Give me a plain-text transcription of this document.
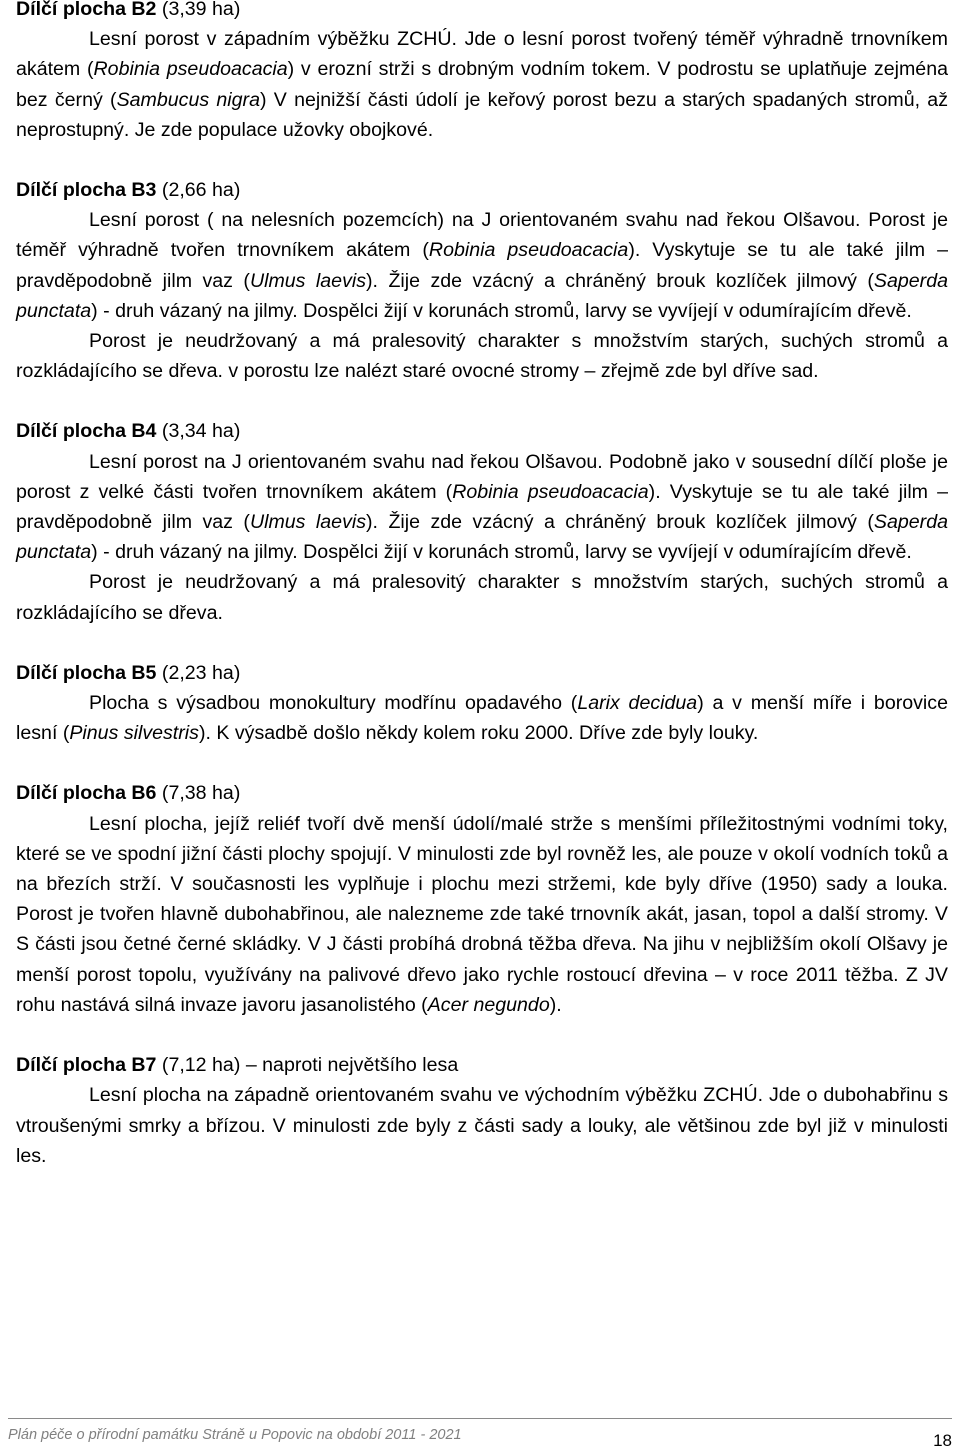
Dílčí plocha B2 (3,39 ha)

Lesní porost v západním výběžku ZCHÚ. Jde o lesní porost tvořený téměř výhradně trnovníkem akátem (Robinia pseudoacacia) v erozní strži s drobným vodním tokem. V podrostu se uplatňuje zejména bez černý (Sambucus nigra) V nejnižší části údolí je keřový porost bezu a starých spadaných stromů, až neprostupný. Je zde populace užovky obojkové.

Dílčí plocha B3 (2,66 ha)

Lesní porost ( na nelesních pozemcích) na J orientovaném svahu nad řekou Olšavou. Porost je téměř výhradně tvořen trnovníkem akátem (Robinia pseudoacacia). Vyskytuje se tu ale také jilm – pravděpodobně jilm vaz (Ulmus laevis). Žije zde vzácný a chráněný brouk kozlíček jilmový (Saperda punctata) - druh vázaný na jilmy. Dospělci žijí v korunách stromů, larvy se vyvíjejí v odumírajícím dřevě.

Porost je neudržovaný a má pralesovitý charakter s množstvím starých, suchých stromů a rozkládajícího se dřeva. v porostu lze nalézt staré ovocné stromy – zřejmě zde byl dříve sad.

Dílčí plocha B4 (3,34 ha)

Lesní porost na J orientovaném svahu nad řekou Olšavou. Podobně jako v sousední dílčí ploše je porost z velké části tvořen trnovníkem akátem (Robinia pseudoacacia). Vyskytuje se tu ale také jilm – pravděpodobně jilm vaz (Ulmus laevis). Žije zde vzácný a chráněný brouk kozlíček jilmový (Saperda punctata) - druh vázaný na jilmy. Dospělci žijí v korunách stromů, larvy se vyvíjejí v odumírajícím dřevě.

Porost je neudržovaný a má pralesovitý charakter s množstvím starých, suchých stromů a rozkládajícího se dřeva.

Dílčí plocha B5 (2,23 ha)

Plocha s výsadbou monokultury modřínu opadavého (Larix decidua) a v menší míře i borovice lesní (Pinus silvestris). K výsadbě došlo někdy kolem roku 2000. Dříve zde byly louky.

Dílčí plocha B6 (7,38 ha)

Lesní plocha, jejíž reliéf tvoří dvě menší údolí/malé strže s menšími příležitostnými vodními toky, které se ve spodní jižní části plochy spojují. V minulosti zde byl rovněž les, ale pouze v okolí vodních toků a na březích strží. V současnosti les vyplňuje i plochu mezi stržemi, kde byly dříve (1950) sady a louka. Porost je tvořen hlavně dubohabřinou, ale nalezneme zde také trnovník akát, jasan, topol a další stromy. V S části jsou četné černé skládky. V J části probíhá drobná těžba dřeva. Na jihu v nejbližším okolí Olšavy je menší porost topolu, využívány na palivové dřevo jako rychle rostoucí dřevina – v roce 2011 těžba. Z JV rohu nastává silná invaze javoru jasanolistého (Acer negundo).

Dílčí plocha B7 (7,12 ha) – naproti největšího lesa

Lesní plocha na západně orientovaném svahu ve východním výběžku ZCHÚ. Jde o dubohabřinu s vtroušenými smrky a břízou. V minulosti zde byly z části sady a louky, ale většinou zde byl již v minulosti les.

Plán péče o přírodní památku Stráně u Popovic na období 2011 - 2021	18
